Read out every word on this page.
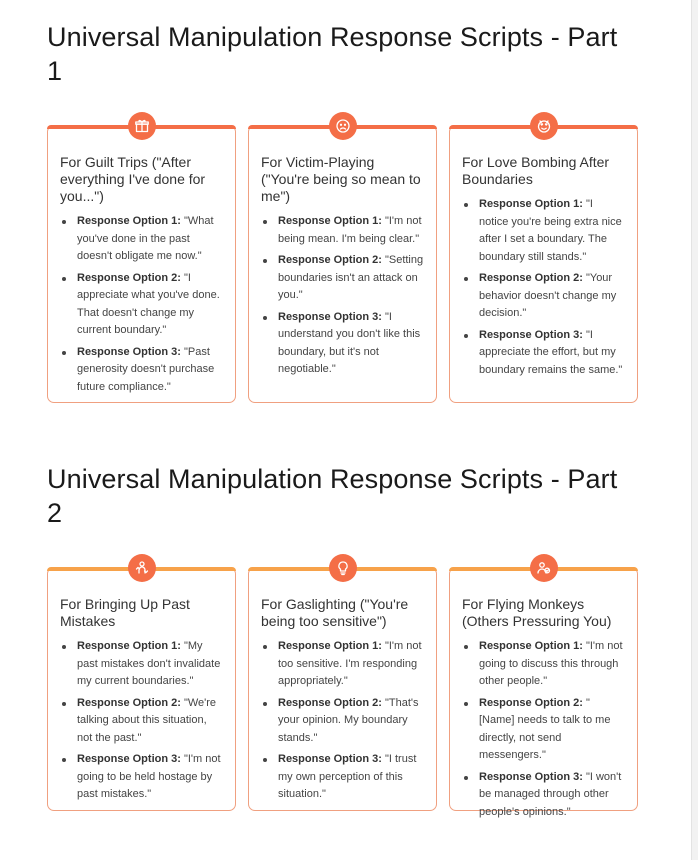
Universal Manipulation Response Scripts - Part 1
For Guilt Trips ("After everything I've done for you...")
Response Option 1: "What you've done in the past doesn't obligate me now."
Response Option 2: "I appreciate what you've done. That doesn't change my current boundary."
Response Option 3: "Past generosity doesn't purchase future compliance."
For Victim-Playing ("You're being so mean to me")
Response Option 1: "I'm not being mean. I'm being clear."
Response Option 2: "Setting boundaries isn't an attack on you."
Response Option 3: "I understand you don't like this boundary, but it's not negotiable."
For Love Bombing After Boundaries
Response Option 1: "I notice you're being extra nice after I set a boundary. The boundary still stands."
Response Option 2: "Your behavior doesn't change my decision."
Response Option 3: "I appreciate the effort, but my boundary remains the same."
Universal Manipulation Response Scripts - Part 2
For Bringing Up Past Mistakes
Response Option 1: "My past mistakes don't invalidate my current boundaries."
Response Option 2: "We're talking about this situation, not the past."
Response Option 3: "I'm not going to be held hostage by past mistakes."
For Gaslighting ("You're being too sensitive")
Response Option 1: "I'm not too sensitive. I'm responding appropriately."
Response Option 2: "That's your opinion. My boundary stands."
Response Option 3: "I trust my own perception of this situation."
For Flying Monkeys (Others Pressuring You)
Response Option 1: "I'm not going to discuss this through other people."
Response Option 2: "[Name] needs to talk to me directly, not send messengers."
Response Option 3: "I won't be managed through other people's opinions."
